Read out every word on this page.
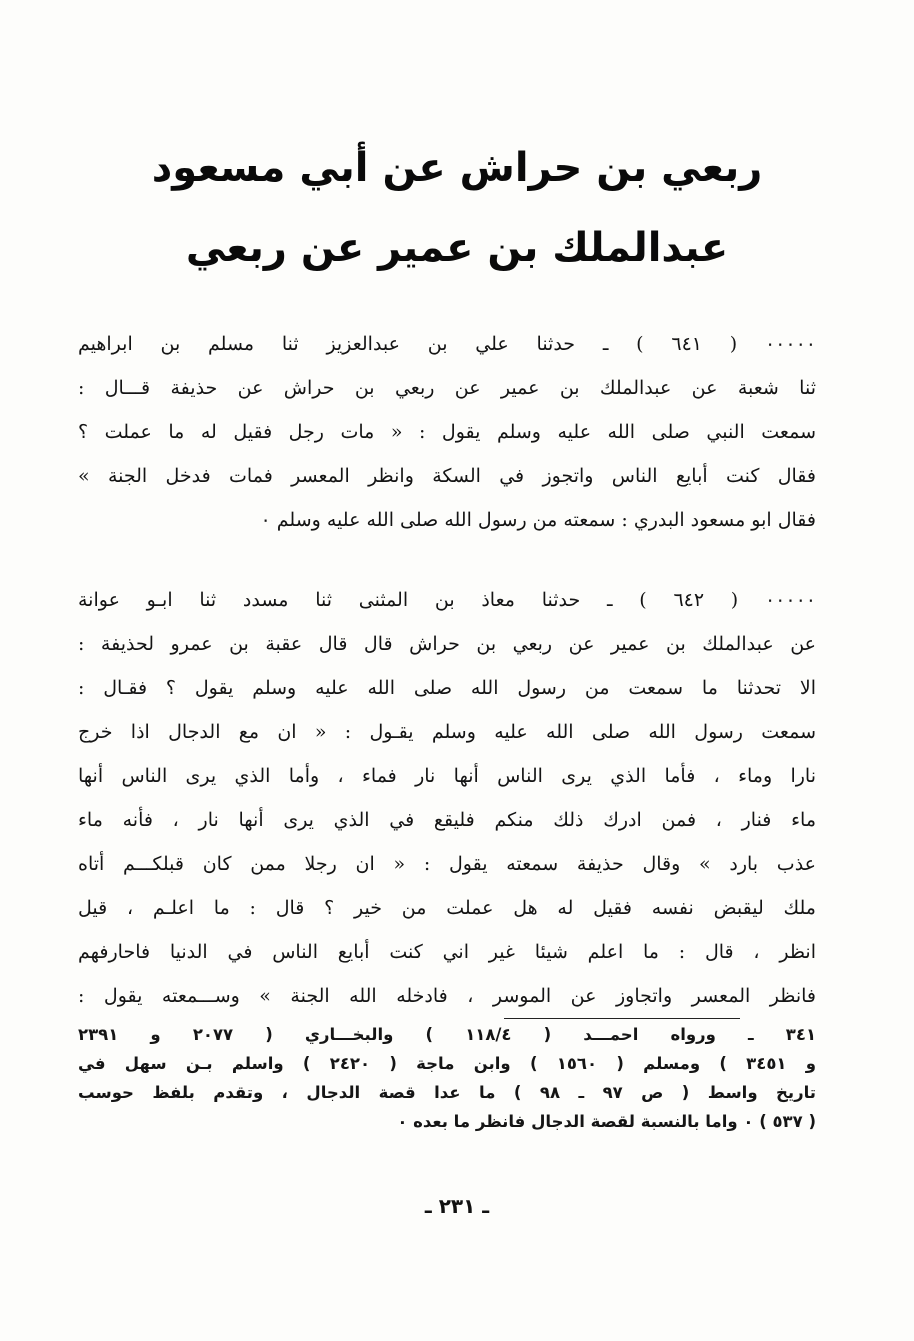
ربعي بن حراش عن أبي مسعود
عبدالملك بن عمير عن ربعي
٠٠٠٠٠ ( ٦٤١ ) ـ حدثنا علي بن عبدالعزيز ثنا مسلم بن ابراهيم
ثنا شعبة عن عبدالملك بن عمير عن ربعي بن حراش عن حذيفة قـــال :
سمعت النبي صلى الله عليه وسلم يقول : « مات رجل فقيل له ما عملت ؟
فقال كنت أبايع الناس واتجوز في السكة وانظر المعسر فمات فدخل الجنة »
فقال ابو مسعود البدري : سمعته من رسول الله صلى الله عليه وسلم ٠
٠٠٠٠٠ ( ٦٤٢ ) ـ حدثنا معاذ بن المثنى ثنا مسدد ثنا ابـو عوانة
عن عبدالملك بن عمير عن ربعي بن حراش قال قال عقبة بن عمرو لحذيفة :
الا تحدثنا ما سمعت من رسول الله صلى الله عليه وسلم يقول ؟ فقـال :
سمعت رسول الله صلى الله عليه وسلم يقـول : « ان مع الدجال اذا خرج
نارا وماء ، فأما الذي يرى الناس أنها نار فماء ، وأما الذي يرى الناس أنها
ماء فنار ، فمن ادرك ذلك منكم فليقع في الذي يرى أنها نار ، فأنه ماء
عذب بارد » وقال حذيفة سمعته يقول : « ان رجلا ممن كان قبلكـــم أتاه
ملك ليقبض نفسه فقيل له هل عملت من خير ؟ قال : ما اعلـم ، قيل
انظر ، قال : ما اعلم شيئا غير اني كنت أبايع الناس في الدنيا فاحارفهم
فانظر المعسر واتجاوز عن الموسر ، فادخله الله الجنة » وســـمعته يقول :
٣٤١ ـ ورواه احمـــد ( ١١٨/٤ ) والبخـــاري ( ٢٠٧٧ و ٢٣٩١
و ٣٤٥١ ) ومسلم ( ١٥٦٠ ) وابن ماجة ( ٢٤٢٠ ) واسلم بـن سهل في
تاريخ واسط ( ص ٩٧ ـ ٩٨ ) ما عدا قصة الدجال ، وتقدم بلفظ حوسب
( ٥٣٧ ) ٠ واما بالنسبة لقصة الدجال فانظر ما بعده ٠
ـ ٢٣١ ـ
